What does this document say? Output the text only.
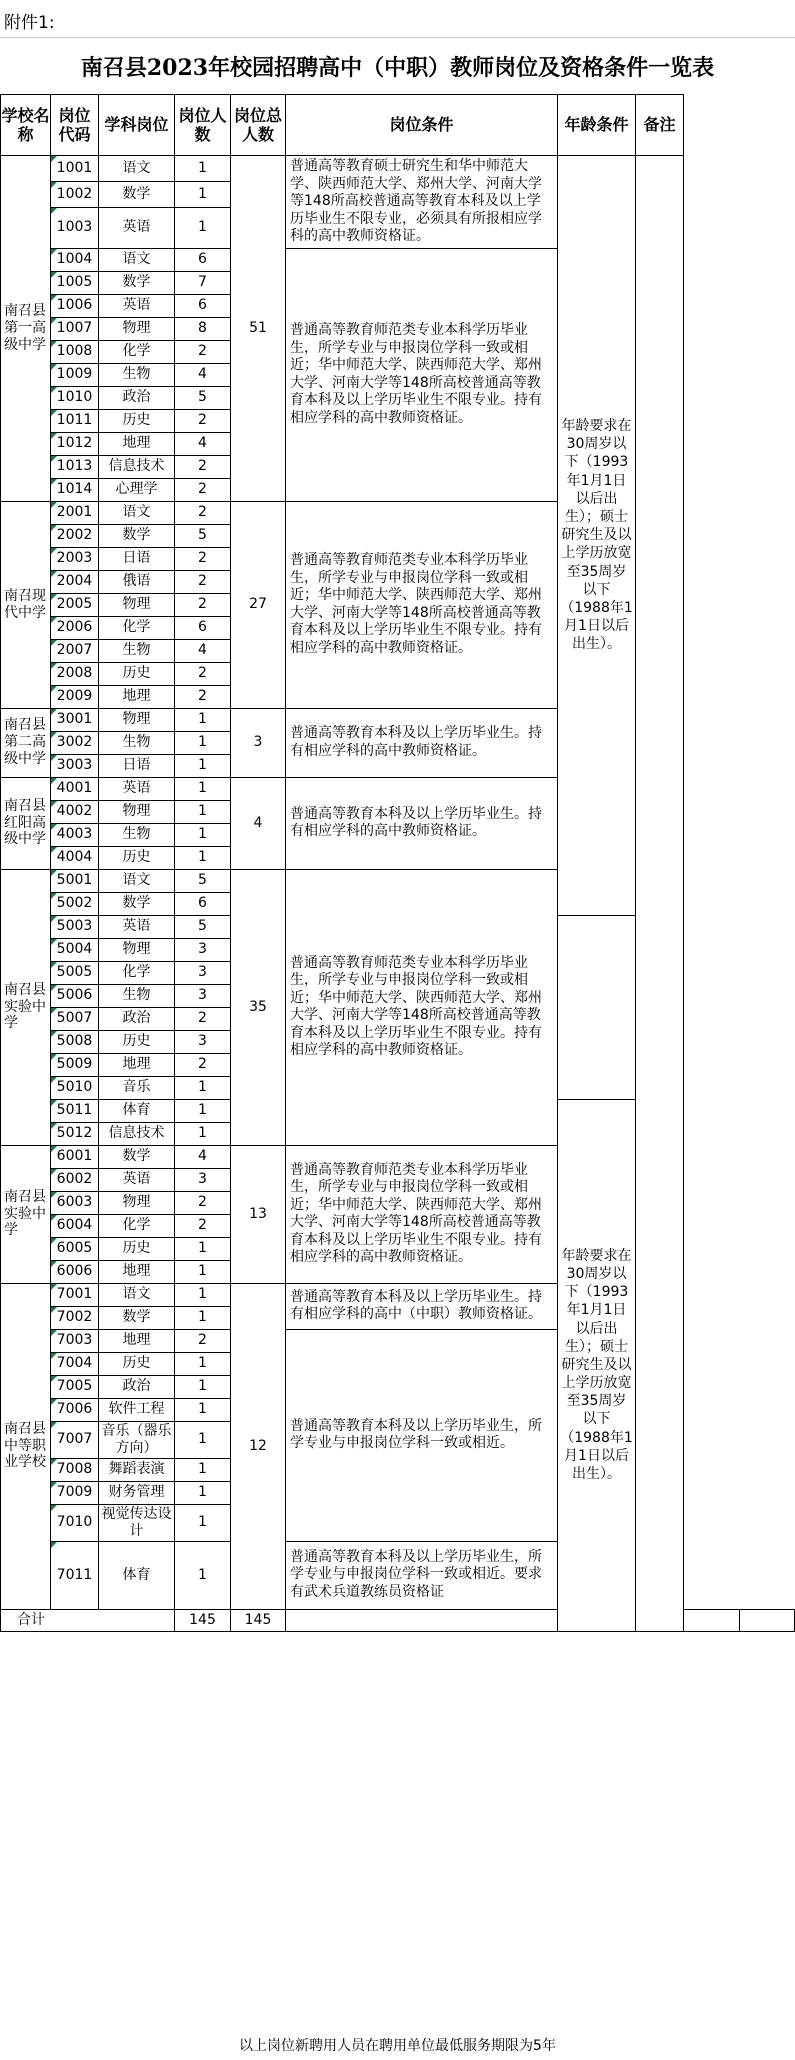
附件1:
南召县2023年校园招聘高中（中职）教师岗位及资格条件一览表
学校名称	岗位代码	学科岗位	岗位人数	岗位总人数	岗位条件	年龄条件	备注		
南召县第一高级中学	1001	语文	1	51	普通高等教育硕士研究生和华中师范大学、陕西师范大学、郑州大学、河南大学等148所高校普通高等教育本科及以上学历毕业生不限专业，必须具有所报相应学科的高中教师资格证。	年龄要求在30周岁以下（1993年1月1日以后出生）；硕士研究生及以上学历放宽至35周岁以下（1988年1月1日以后出生）。			

1002	数学	1						

1003	英语	1						

1004	语文	6		普通高等教育师范类专业本科学历毕业生，所学专业与申报岗位学科一致或相近；华中师范大学、陕西师范大学、郑州大学、河南大学等148所高校普通高等教育本科及以上学历毕业生不限专业。持有相应学科的高中教师资格证。				

1005	数学	7						

1006	英语	6						

1007	物理	8						

1008	化学	2						

1009	生物	4						

1010	政治	5						

1011	历史	2						

1012	地理	4						

1013	信息技术	2						

1014	心理学	2						
南召现代中学	2001	语文	2	27	普通高等教育师范类专业本科学历毕业生，所学专业与申报岗位学科一致或相近；华中师范大学、陕西师范大学、郑州大学、河南大学等148所高校普通高等教育本科及以上学历毕业生不限专业。持有相应学科的高中教师资格证。				

2002	数学	5						

2003	日语	2						

2004	俄语	2						

2005	物理	2						

2006	化学	6						

2007	生物	4						

2008	历史	2						

2009	地理	2						
南召县第二高级中学	3001	物理	1	3	普通高等教育本科及以上学历毕业生。持有相应学科的高中教师资格证。				

3002	生物	1						

3003	日语	1						
南召县红阳高级中学	4001	英语	1	4	普通高等教育本科及以上学历毕业生。持有相应学科的高中教师资格证。				

4002	物理	1						

4003	生物	1						

4004	历史	1						
南召县实验中学	5001	语文	5	35	普通高等教育师范类专业本科学历毕业生，所学专业与申报岗位学科一致或相近；华中师范大学、陕西师范大学、郑州大学、河南大学等148所高校普通高等教育本科及以上学历毕业生不限专业。持有相应学科的高中教师资格证。				

5002	数学	6						

5003	英语	5						

5004	物理	3						

5005	化学	3						

5006	生物	3						

5007	政治	2						

5008	历史	3						

5009	地理	2						

5010	音乐	1						

5011	体育	1			年龄要求在30周岁以下（1993年1月1日以后出生）；硕士研究生及以上学历放宽至35周岁以下（1988年1月1日以后出生）。			

5012	信息技术	1						
南召县实验中学	6001	数学	4	13	普通高等教育师范类专业本科学历毕业生，所学专业与申报岗位学科一致或相近；华中师范大学、陕西师范大学、郑州大学、河南大学等148所高校普通高等教育本科及以上学历毕业生不限专业。持有相应学科的高中教师资格证。				

6002	英语	3						

6003	物理	2						

6004	化学	2						

6005	历史	1						

6006	地理	1						
南召县中等职业学校	7001	语文	1	12	普通高等教育本科及以上学历毕业生。持有相应学科的高中（中职）教师资格证。				

7002	数学	1						

7003	地理	2		普通高等教育本科及以上学历毕业生，所学专业与申报岗位学科一致或相近。				

7004	历史	1						

7005	政治	1						

7006	软件工程	1						

7007	音乐（器乐方向）	1						

7008	舞蹈表演	1						

7009	财务管理	1						

7010	视觉传达设计	1						

7011	体育	1		普通高等教育本科及以上学历毕业生，所学专业与申报岗位学科一致或相近。要求有武术兵道教练员资格证				
合计			145	145					
以上岗位新聘用人员在聘用单位最低服务期限为5年
